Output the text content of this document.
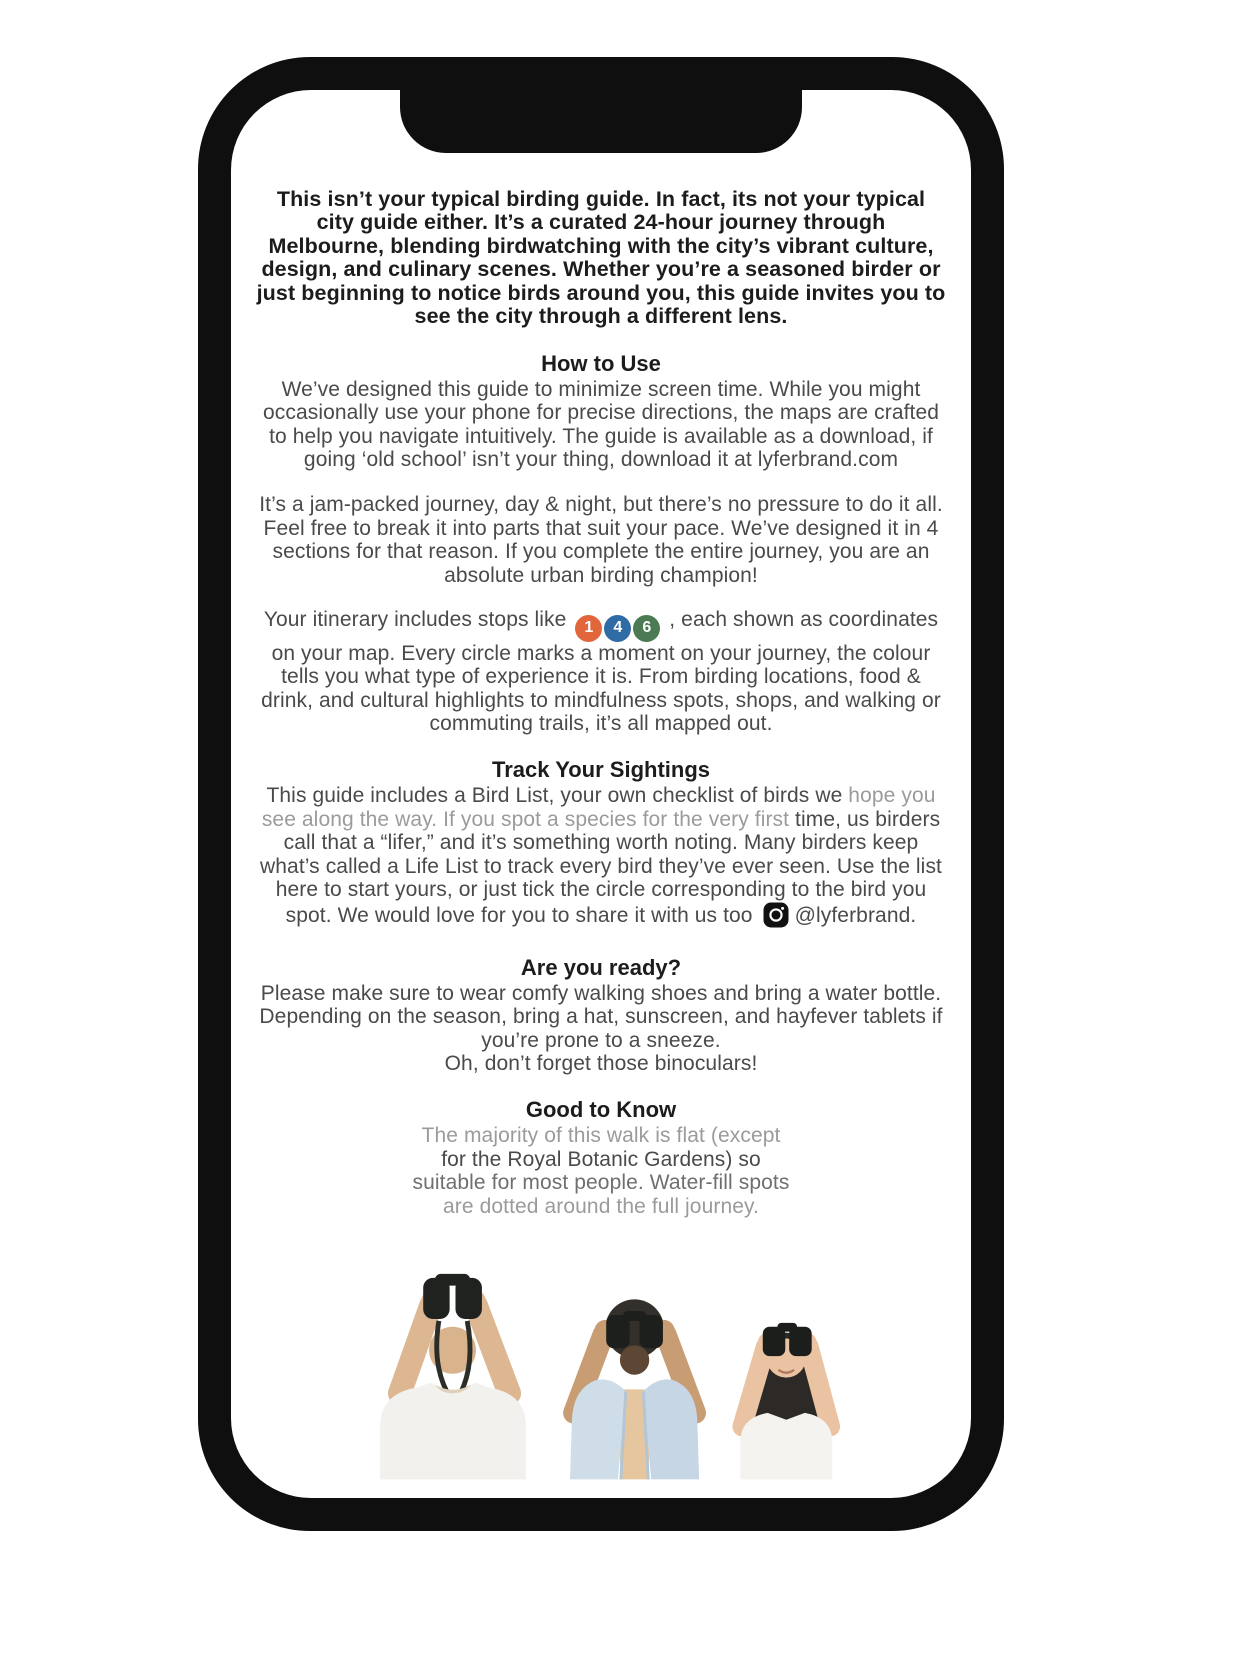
This isn’t your typical birding guide. In fact, its not your typical city guide either. It’s a curated 24-hour journey through Melbourne, blending birdwatching with the city’s vibrant culture, design, and culinary scenes. Whether you’re a seasoned birder or just beginning to notice birds around you, this guide invites you to see the city through a different lens.

How to Use

We’ve designed this guide to minimize screen time. While you might occasionally use your phone for precise directions, the maps are crafted to help you navigate intuitively. The guide is available as a download, if going ‘old school’ isn’t your thing, download it at lyferbrand.com

It’s a jam-packed journey, day & night, but there’s no pressure to do it all. Feel free to break it into parts that suit your pace. We’ve designed it in 4 sections for that reason. If you complete the entire journey, you are an absolute urban birding champion!

Your itinerary includes stops like 1 4 6 , each shown as coordinates on your map. Every circle marks a moment on your journey, the colour tells you what type of experience it is. From birding locations, food & drink, and cultural highlights to mindfulness spots, shops, and walking or commuting trails, it’s all mapped out.

Track Your Sightings

This guide includes a Bird List, your own checklist of birds we hope you see along the way. If you spot a species for the very first time, us birders call that a “lifer,” and it’s something worth noting. Many birders keep what’s called a Life List to track every bird they’ve ever seen. Use the list here to start yours, or just tick the circle corresponding to the bird you spot. We would love for you to share it with us too @lyferbrand.

Are you ready?

Please make sure to wear comfy walking shoes and bring a water bottle. Depending on the season, bring a hat, sunscreen, and hayfever tablets if you’re prone to a sneeze.
Oh, don’t forget those binoculars!

Good to Know

The majority of this walk is flat (except
for the Royal Botanic Gardens) so
suitable for most people. Water-fill spots
are dotted around the full journey.
